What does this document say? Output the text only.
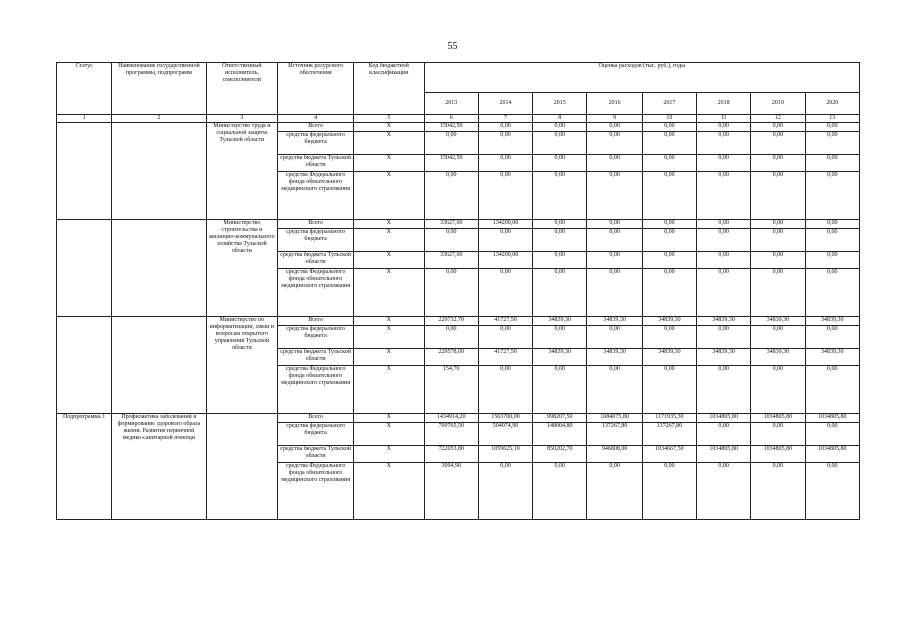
55
Статус	Наименование государственной программы, подпрограмм	Ответственный исполнитель, соисполнители	Источник ресурсного обеспечения	Код бюджетной классификации	Оценка расходов (тыс. руб.), годы							
					2013	2014	2015	2016	2017	2018	2019	2020
1	2	3	4	5	6	7	8	9	10	11	12	13
		Министерство труда и социальной защиты Тульской области	Всего	X	15042,50	0,00	0,00	0,00	0,00	0,00	0,00	0,00
			средства федерального бюджета	X	0,00	0,00	0,00	0,00	0,00	0,00	0,00	0,00
			средства бюджета Тульской области	X	15042,50	0,00	0,00	0,00	0,00	0,00	0,00	0,00
			средства Федерального фонда обязательного медицинского страхования	X	0,00	0,00	0,00	0,00	0,00	0,00	0,00	0,00
		Министерство строительства и жилищно-коммунального хозяйства Тульской области	Всего	X	33627,00	134200,00	0,00	0,00	0,00	0,00	0,00	0,00
			средства федерального бюджета	X	0,00	0,00	0,00	0,00	0,00	0,00	0,00	0,00
			средства бюджета Тульской области	X	33627,00	134200,00	0,00	0,00	0,00	0,00	0,00	0,00
			средства Федерального фонда обязательного медицинского страхования	X	0,00	0,00	0,00	0,00	0,00	0,00	0,00	0,00
		Министерство по информатизации, связи и вопросам открытого управления Тульской области	Всего	X	229732,70	41727,50	34839,30	34839,30	34839,30	34839,30	34839,30	34839,30
			средства федерального бюджета	X	0,00	0,00	0,00	0,00	0,00	0,00	0,00	0,00
			средства бюджета Тульской области	X	229578,00	41727,50	34839,30	34839,30	34839,30	34839,30	34839,30	34839,30
			средства Федерального фонда обязательного медицинского страхования	X	154,70	0,00	0,00	0,00	0,00	0,00	0,00	0,00
Подпрограмма 1	Профилактика заболеваний и формирование здорового образа жизни. Развитие первичной медико-санитарной помощи		Всего	X	1434914,20	1563700,00	998207,50	1084075,80	1171935,30	1034805,80	1034805,80	1034805,80
			средства федерального бюджета	X	709765,50	504074,90	148004,80	137267,80	137267,80	0,00	0,00	0,00
			средства бюджета Тульской области	X	722053,80	1059625,10	850202,70	946808,00	1034667,50	1034805,80	1034805,80	1034805,80
			средства Федерального фонда обязательного медицинского страхования	X	3094,90	0,00	0,00	0,00	0,00	0,00	0,00	0,00
